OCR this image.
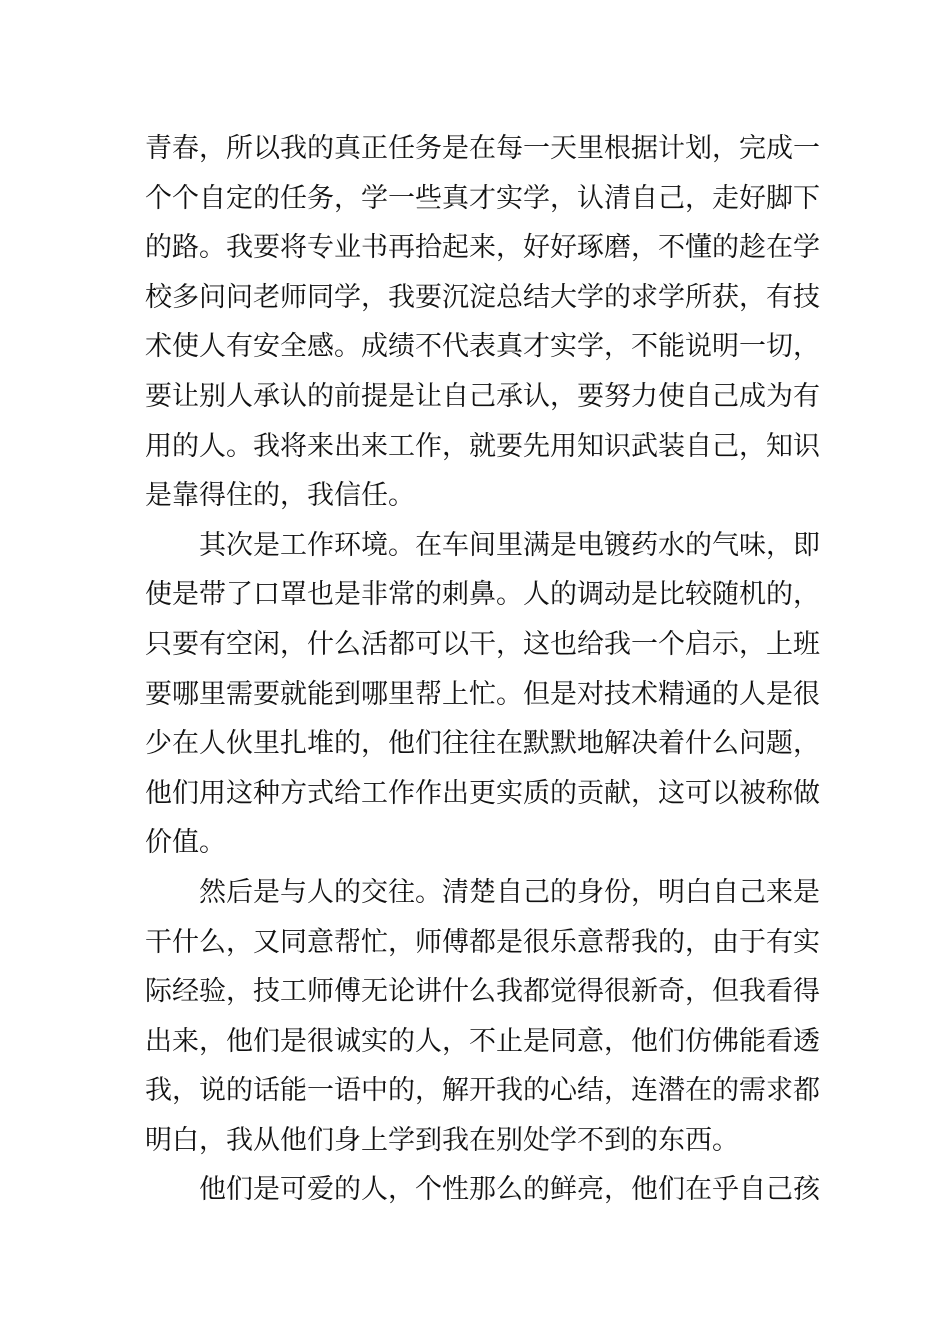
青春，所以我的真正任务是在每一天里根据计划，完成一
个个自定的任务，学一些真才实学，认清自己，走好脚下
的路。我要将专业书再拾起来，好好琢磨，不懂的趁在学
校多问问老师同学，我要沉淀总结大学的求学所获，有技
术使人有安全感。成绩不代表真才实学，不能说明一切，
要让别人承认的前提是让自己承认，要努力使自己成为有
用的人。我将来出来工作，就要先用知识武装自己，知识
是靠得住的，我信任。
其次是工作环境。在车间里满是电镀药水的气味，即
使是带了口罩也是非常的刺鼻。人的调动是比较随机的，
只要有空闲，什么活都可以干，这也给我一个启示，上班
要哪里需要就能到哪里帮上忙。但是对技术精通的人是很
少在人伙里扎堆的，他们往往在默默地解决着什么问题，
他们用这种方式给工作作出更实质的贡献，这可以被称做
价值。
然后是与人的交往。清楚自己的身份，明白自己来是
干什么，又同意帮忙，师傅都是很乐意帮我的，由于有实
际经验，技工师傅无论讲什么我都觉得很新奇，但我看得
出来，他们是很诚实的人，不止是同意，他们仿佛能看透
我，说的话能一语中的，解开我的心结，连潜在的需求都
明白，我从他们身上学到我在别处学不到的东西。
他们是可爱的人，个性那么的鲜亮，他们在乎自己孩
